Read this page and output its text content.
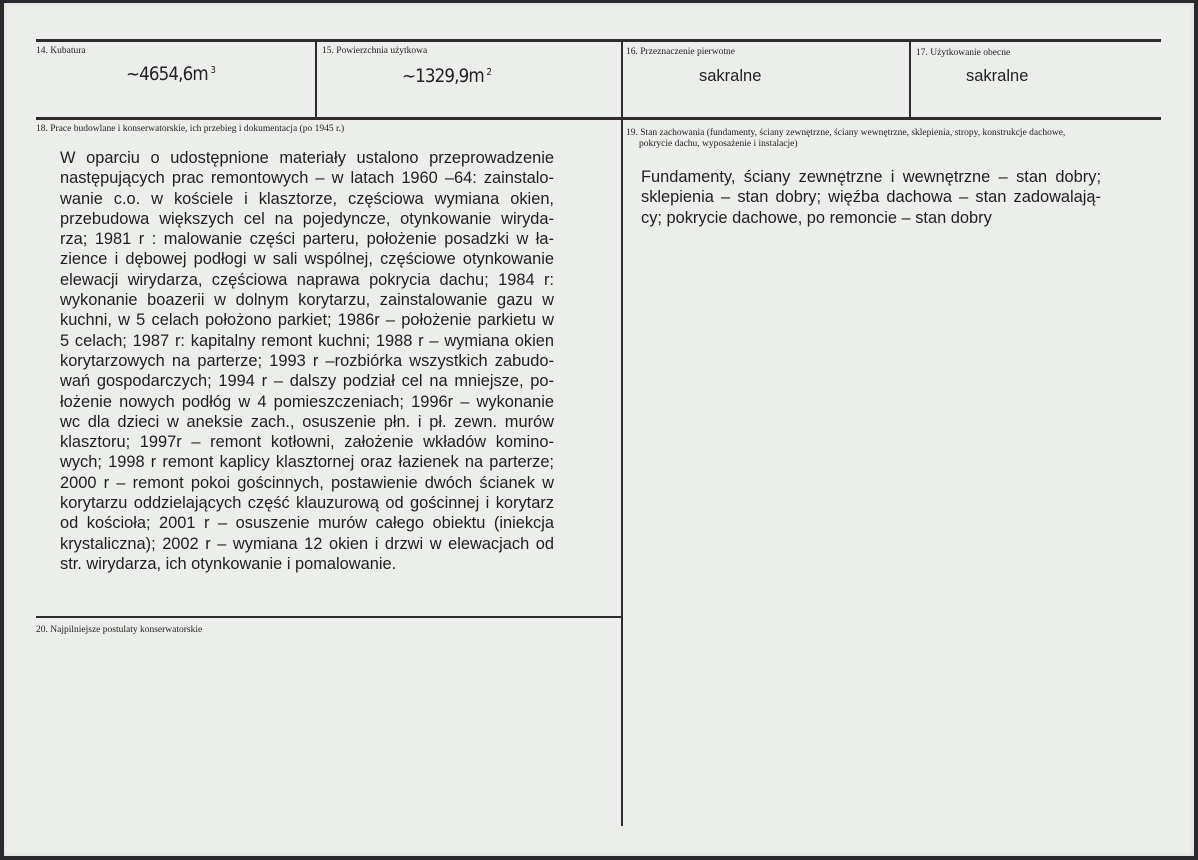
14. Kubatura
~4654,6m $^3$
15. Powierzchnia użytkowa
~1329,9m $^2$
16. Przeznaczenie pierwotne
sakralne
17. Użytkowanie obecne
sakralne
18. Prace budowlane i konserwatorskie, ich przebieg i dokumentacja (po 1945 r.)
W oparciu o udostępnione materiały ustalono przeprowadzenie
następujących prac remontowych – w latach 1960 –64: zainstalo-
wanie c.o. w kościele i klasztorze, częściowa wymiana okien,
przebudowa większych cel na pojedyncze, otynkowanie wiryda-
rza; 1981 r : malowanie części parteru, położenie posadzki w ła-
zience i dębowej podłogi w sali wspólnej, częściowe otynkowanie
elewacji wirydarza, częściowa naprawa pokrycia dachu; 1984 r:
wykonanie boazerii w dolnym korytarzu, zainstalowanie gazu w
kuchni, w 5 celach położono parkiet; 1986r – położenie parkietu w
5 celach; 1987 r: kapitalny remont kuchni; 1988 r – wymiana okien
korytarzowych na parterze; 1993 r –rozbiórka wszystkich zabudo-
wań gospodarczych; 1994 r – dalszy podział cel na mniejsze, po-
łożenie nowych podłóg w 4 pomieszczeniach; 1996r – wykonanie
wc dla dzieci w aneksie zach., osuszenie płn. i pł. zewn. murów
klasztoru; 1997r – remont kotłowni, założenie wkładów komino-
wych; 1998 r remont kaplicy klasztornej oraz łazienek na parterze;
2000 r – remont pokoi gościnnych, postawienie dwóch ścianek w
korytarzu oddzielających część klauzurową od gościnnej i korytarz
od kościoła; 2001 r – osuszenie murów całego obiektu (iniekcja
krystaliczna); 2002 r – wymiana 12 okien i drzwi w elewacjach od
str. wirydarza, ich otynkowanie i pomalowanie.
19. Stan zachowania (fundamenty, ściany zewnętrzne, ściany wewnętrzne, sklepienia, stropy, konstrukcje dachowe,
pokrycie dachu, wyposażenie i instalacje)
Fundamenty, ściany zewnętrzne i wewnętrzne – stan dobry;
sklepienia – stan dobry; więźba dachowa – stan zadowalają-
cy; pokrycie dachowe, po remoncie – stan dobry
20. Najpilniejsze postulaty konserwatorskie
